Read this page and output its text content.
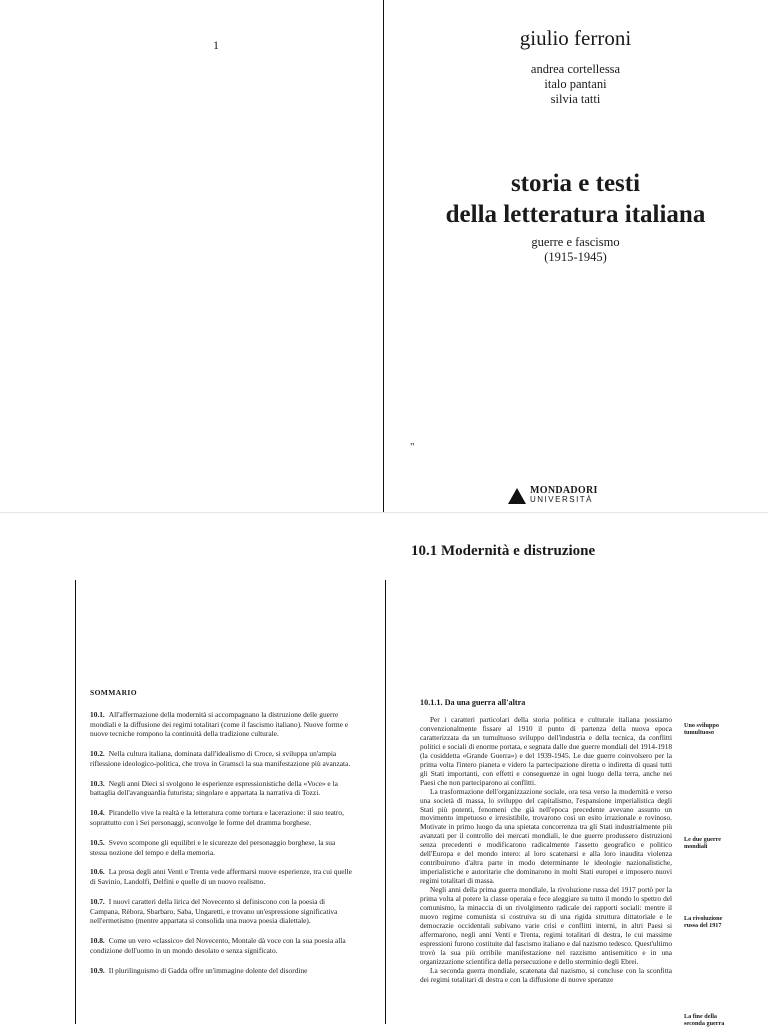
1	giulio ferroni
andrea cortellessa
italo pantani
silvia tatti
storia e testi
della letteratura italiana
guerre e fascismo
(1915-1945)
"
MONDADORI
UNIVERSITÀ
10.1 Modernità e distruzione
SOMMARIO
10.1. All'affermazione della modernità si accompagnano la distruzione delle guerre mondiali e la diffusione dei regimi totalitari (come il fascismo italiano). Nuove forme e nuove tecniche rompono la continuità della tradizione culturale.
10.2. Nella cultura italiana, dominata dall'idealismo di Croce, si sviluppa un'ampia riflessione ideologico-politica, che trova in Gramsci la sua manifestazione più avanzata.
10.3. Negli anni Dieci si svolgono le esperienze espressionistiche della «Voce» e la battaglia dell'avanguardia futurista; singolare e appartata la narrativa di Tozzi.
10.4. Pirandello vive la realtà e la letteratura come tortura e lacerazione: il suo teatro, soprattutto con i Sei personaggi, sconvolge le forme del dramma borghese.
10.5. Svevo scompone gli equilibri e le sicurezze del personaggio borghese, la sua stessa nozione del tempo e della memoria.
10.6. La prosa degli anni Venti e Trenta vede affermarsi nuove esperienze, tra cui quelle di Savinio, Landolfi, Delfini e quelle di un nuovo realismo.
10.7. I nuovi caratteri della lirica del Novecento si definiscono con la poesia di Campana, Rèbora, Sbarbaro, Saba, Ungaretti, e trovano un'espressione significativa nell'ermetismo (mentre appartata si consolida una nuova poesia dialettale).
10.8. Come un vero «classico» del Novecento, Montale dà voce con la sua poesia alla condizione dell'uomo in un mondo desolato e senza significato.
10.9. Il plurilinguismo di Gadda offre un'immagine dolente del disordine
10.1.1. Da una guerra all'altra

Per i caratteri particolari della storia politica e culturale italiana possiamo convenzionalmente fissare al 1910 il punto di partenza della nuova epoca caratterizzata da un tumultuoso sviluppo dell'industria e della tecnica, da conflitti politici e sociali di enorme portata, e segnata dalle due guerre mondiali del 1914-1918 (la cosiddetta «Grande Guerra») e del 1939-1945. Le due guerre coinvolsero per la prima volta l'intero pianeta e videro la partecipazione diretta o indiretta di quasi tutti gli Stati importanti, con effetti e conseguenze in ogni luogo della terra, anche nei Paesi che non parteciparono ai conflitti.

La trasformazione dell'organizzazione sociale, ora tesa verso la modernità e verso una società di massa, lo sviluppo del capitalismo, l'espansione imperialistica degli Stati più potenti, fenomeni che già nell'epoca precedente avevano assunto un movimento impetuoso e irresistibile, trovarono così un esito irrazionale e rovinoso. Motivate in primo luogo da una spietata concorrenza tra gli Stati industrialmente più avanzati per il controllo dei mercati mondiali, le due guerre produssero distruzioni senza precedenti e modificarono radicalmente l'assetto geografico e politico dell'Europa e del mondo intero: al loro scatenarsi e alla loro inaudita violenza contribuirono d'altra parte in modo determinante le ideologie nazionalistiche, imperialistiche e autoritarie che dominarono in molti Stati europei e imposero nuovi regimi totalitari di massa.

Negli anni della prima guerra mondiale, la rivoluzione russa del 1917 portò per la prima volta al potere la classe operaia e fece aleggiare su tutto il mondo lo spettro del comunismo, la minaccia di un rivolgimento radicale dei rapporti sociali: mentre il nuovo regime comunista si costruiva su di una rigida struttura dittatoriale e le democrazie occidentali subivano varie crisi e conflitti interni, in altri Paesi si affermarono, negli anni Venti e Trenta, regimi totalitari di destra, le cui massime espressioni furono costituite dal fascismo italiano e dal nazismo tedesco. Quest'ultimo trovò la sua più orribile manifestazione nel razzismo antisemitico e in una organizzazione scientifica della persecuzione e dello sterminio degli Ebrei.

La seconda guerra mondiale, scatenata dal nazismo, si concluse con la sconfitta dei regimi totalitari di destra e con la diffusione di nuove speranze

Uno sviluppo tumultuoso
Le due guerre mondiali
La rivoluzione russa del 1917
La fine della seconda guerra
